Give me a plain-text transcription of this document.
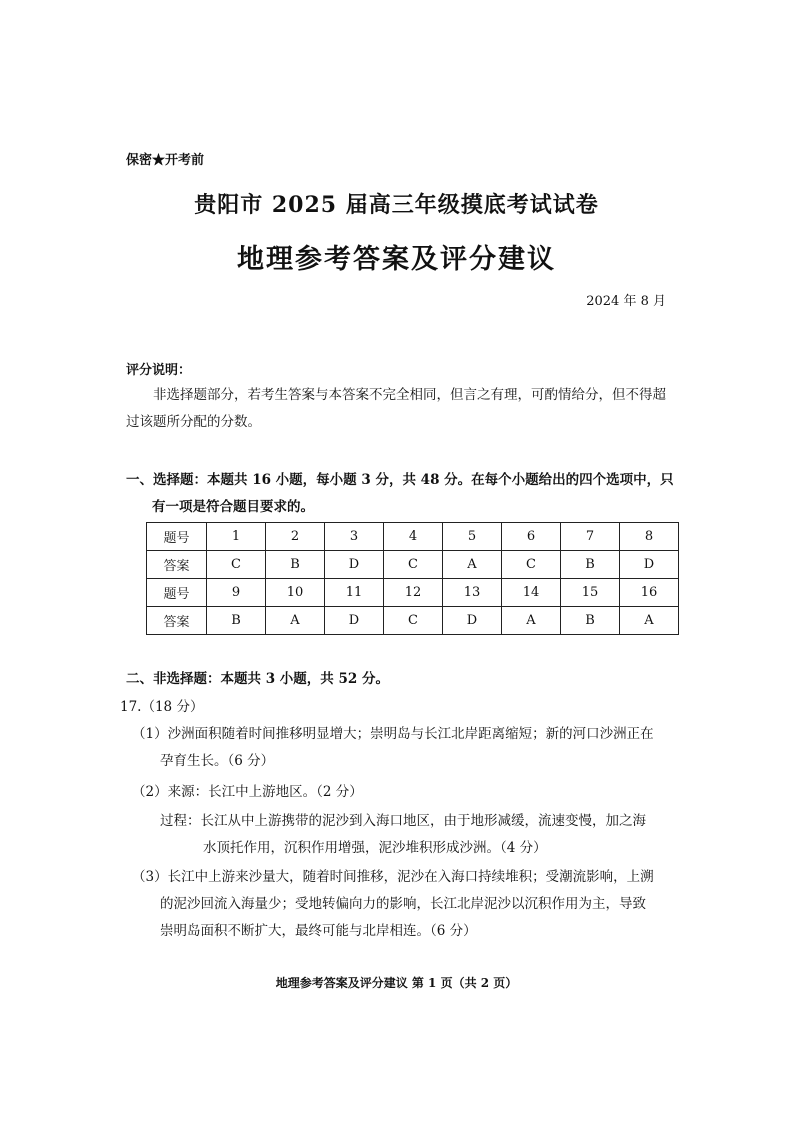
保密★开考前
贵阳市 2025 届高三年级摸底考试试卷
地理参考答案及评分建议
2024 年 8 月
评分说明：
非选择题部分，若考生答案与本答案不完全相同，但言之有理，可酌情给分，但不得超过该题所分配的分数。
一、选择题：本题共 16 小题，每小题 3 分，共 48 分。在每个小题给出的四个选项中，只
有一项是符合题目要求的。
题号	1	2	3	4	5	6	7	8
答案	C	B	D	C	A	C	B	D
题号	9	10	11	12	13	14	15	16
答案	B	A	D	C	D	A	B	A
二、非选择题：本题共 3 小题，共 52 分。
17.（18 分）
（1）沙洲面积随着时间推移明显增大；崇明岛与长江北岸距离缩短；新的河口沙洲正在
孕育生长。（6 分）
（2）来源：长江中上游地区。（2 分）
过程：长江从中上游携带的泥沙到入海口地区，由于地形减缓，流速变慢，加之海
水顶托作用，沉积作用增强，泥沙堆积形成沙洲。（4 分）
（3）长江中上游来沙量大，随着时间推移，泥沙在入海口持续堆积；受潮流影响，上溯
的泥沙回流入海量少；受地转偏向力的影响，长江北岸泥沙以沉积作用为主，导致
崇明岛面积不断扩大，最终可能与北岸相连。（6 分）
地理参考答案及评分建议 第 1 页（共 2 页）
